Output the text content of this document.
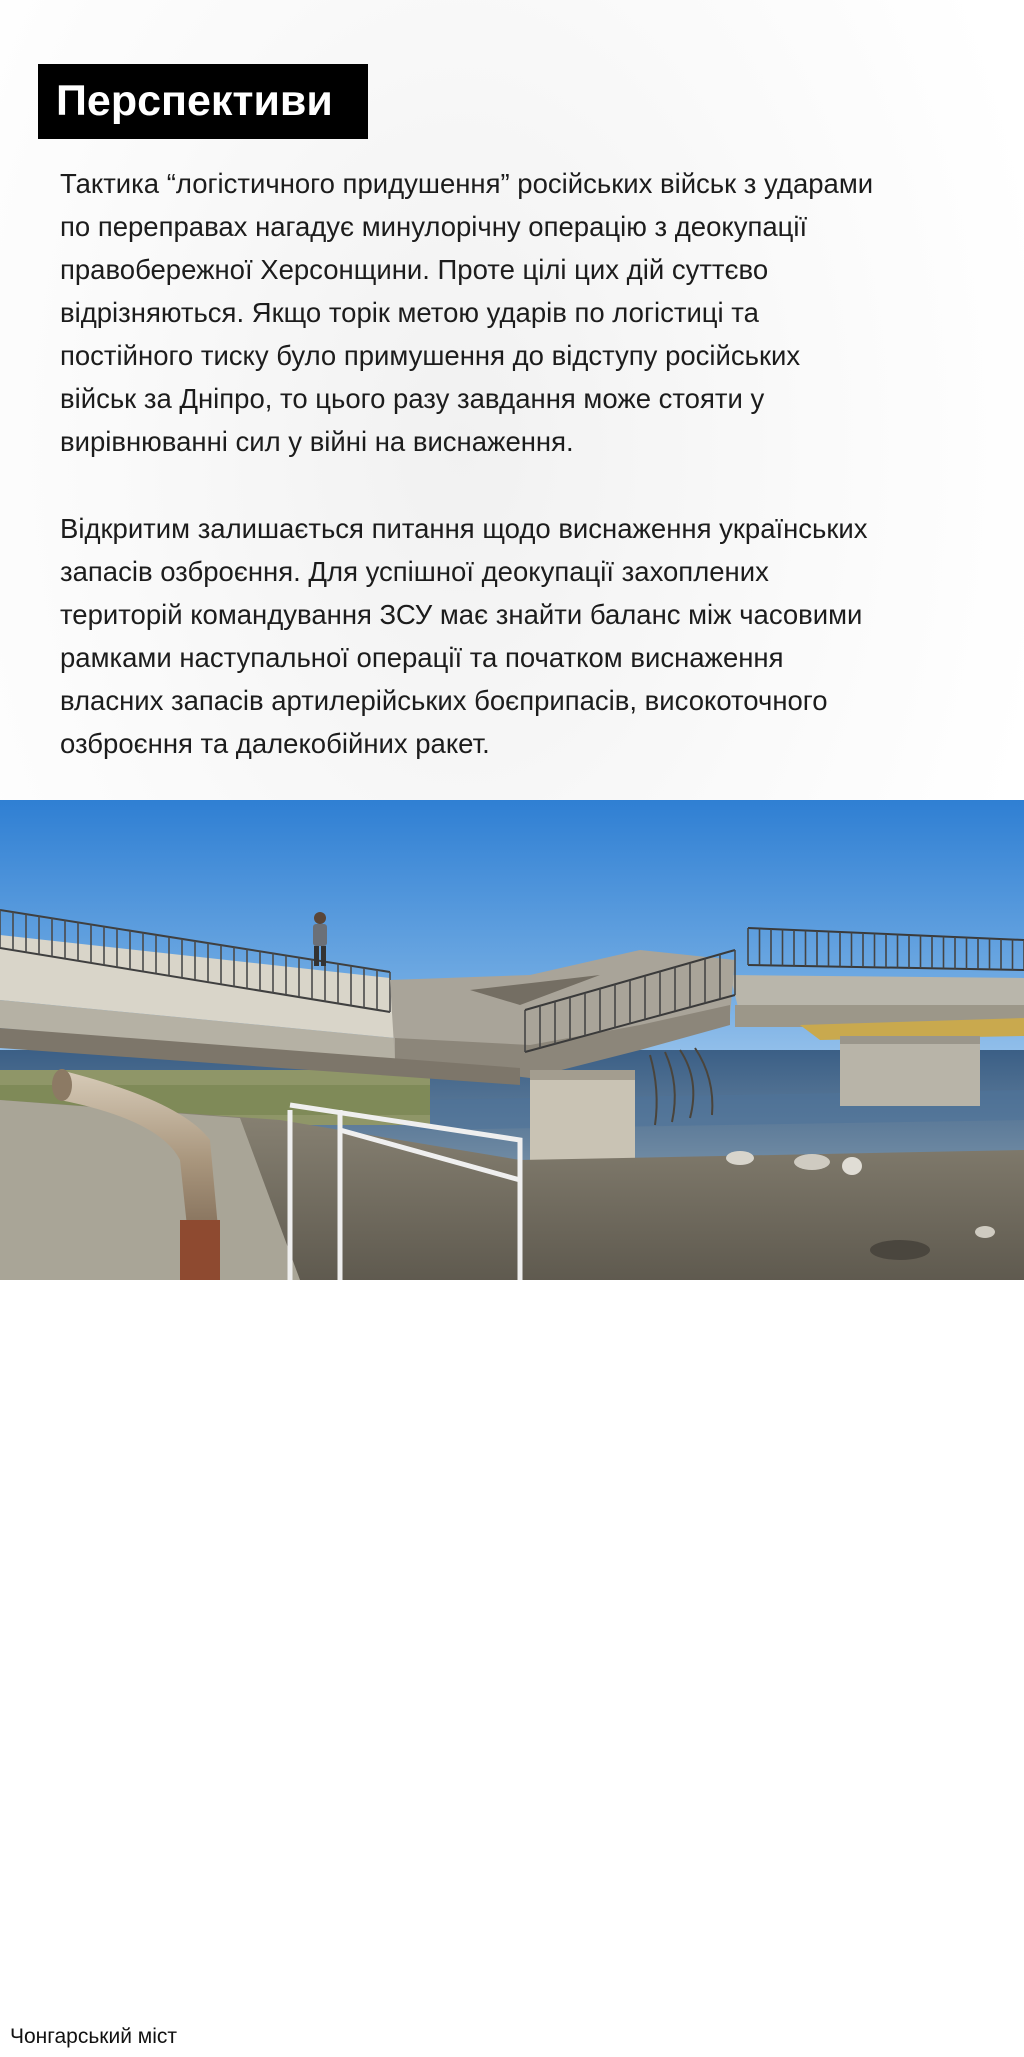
Перспективи

Тактика “логістичного придушення” російських військ з ударами
по переправах нагадує минулорічну операцію з деокупації
правобережної Херсонщини. Проте цілі цих дій суттєво
відрізняються. Якщо торік метою ударів по логістиці та
постійного тиску було примушення до відступу російських
військ за Дніпро, то цього разу завдання може стояти у
вирівнюванні сил у війні на виснаження.

Відкритим залишається питання щодо виснаження українських
запасів озброєння. Для успішної деокупації захоплених
територій командування ЗСУ має знайти баланс між часовими
рамками наступальної операції та початком виснаження
власних запасів артилерійських боєприпасів, високоточного
озброєння та далекобійних ракет.

Чонгарський міст
